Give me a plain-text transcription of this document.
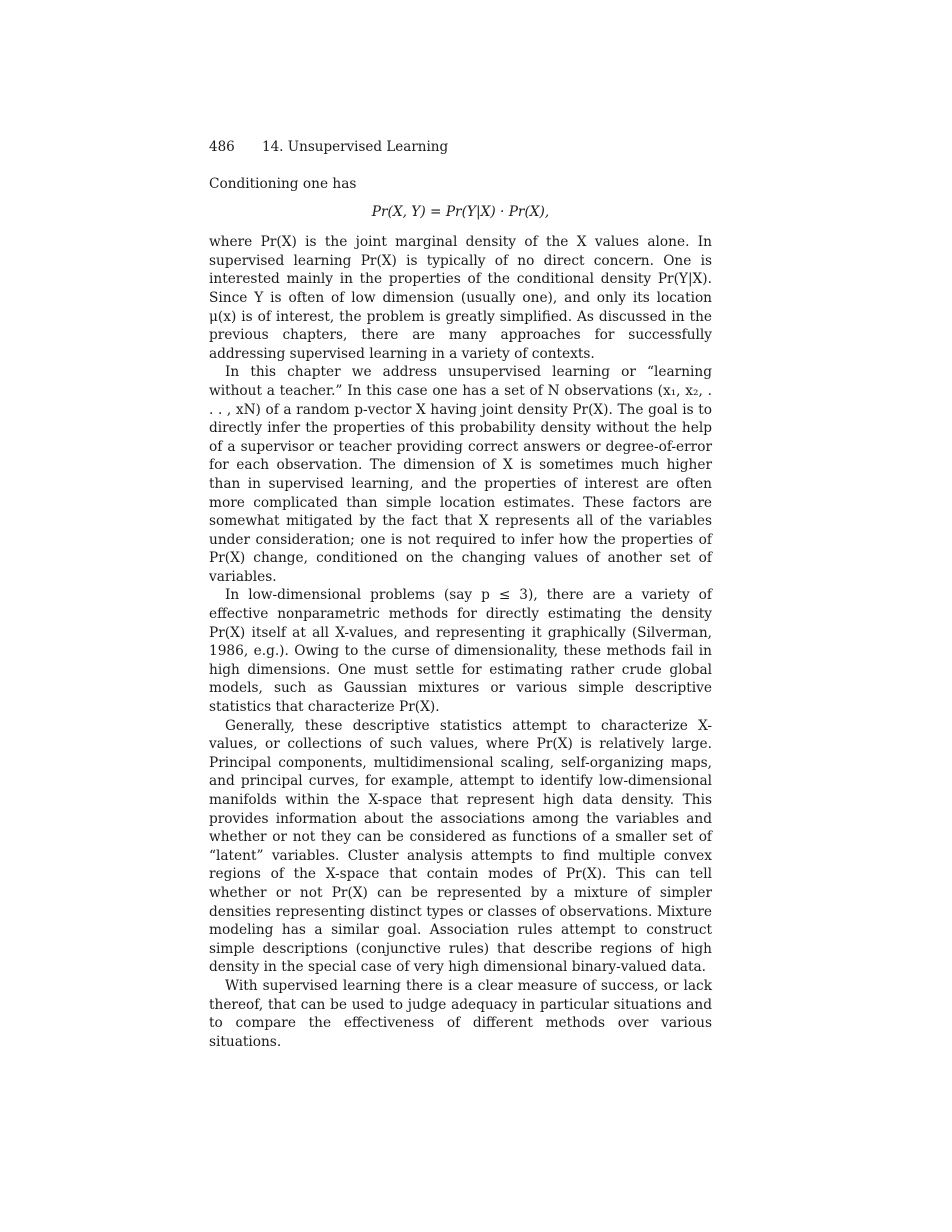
486 14. Unsupervised Learning

Conditioning one has

Pr(X, Y) = Pr(Y|X) · Pr(X),

where Pr(X) is the joint marginal density of the X values alone. In supervised learning Pr(X) is typically of no direct concern. One is interested mainly in the properties of the conditional density Pr(Y|X). Since Y is often of low dimension (usually one), and only its location μ(x) is of interest, the problem is greatly simplified. As discussed in the previous chapters, there are many approaches for successfully addressing supervised learning in a variety of contexts.

In this chapter we address unsupervised learning or “learning without a teacher.” In this case one has a set of N observations (x₁, x₂, . . . , xN) of a random p-vector X having joint density Pr(X). The goal is to directly infer the properties of this probability density without the help of a supervisor or teacher providing correct answers or degree-of-error for each observation. The dimension of X is sometimes much higher than in supervised learning, and the properties of interest are often more complicated than simple location estimates. These factors are somewhat mitigated by the fact that X represents all of the variables under consideration; one is not required to infer how the properties of Pr(X) change, conditioned on the changing values of another set of variables.

In low-dimensional problems (say p ≤ 3), there are a variety of effective nonparametric methods for directly estimating the density Pr(X) itself at all X-values, and representing it graphically (Silverman, 1986, e.g.). Owing to the curse of dimensionality, these methods fail in high dimensions. One must settle for estimating rather crude global models, such as Gaussian mixtures or various simple descriptive statistics that characterize Pr(X).

Generally, these descriptive statistics attempt to characterize X-values, or collections of such values, where Pr(X) is relatively large. Principal components, multidimensional scaling, self-organizing maps, and principal curves, for example, attempt to identify low-dimensional manifolds within the X-space that represent high data density. This provides information about the associations among the variables and whether or not they can be considered as functions of a smaller set of “latent” variables. Cluster analysis attempts to find multiple convex regions of the X-space that contain modes of Pr(X). This can tell whether or not Pr(X) can be represented by a mixture of simpler densities representing distinct types or classes of observations. Mixture modeling has a similar goal. Association rules attempt to construct simple descriptions (conjunctive rules) that describe regions of high density in the special case of very high dimensional binary-valued data.

With supervised learning there is a clear measure of success, or lack thereof, that can be used to judge adequacy in particular situations and to compare the effectiveness of different methods over various situations.
